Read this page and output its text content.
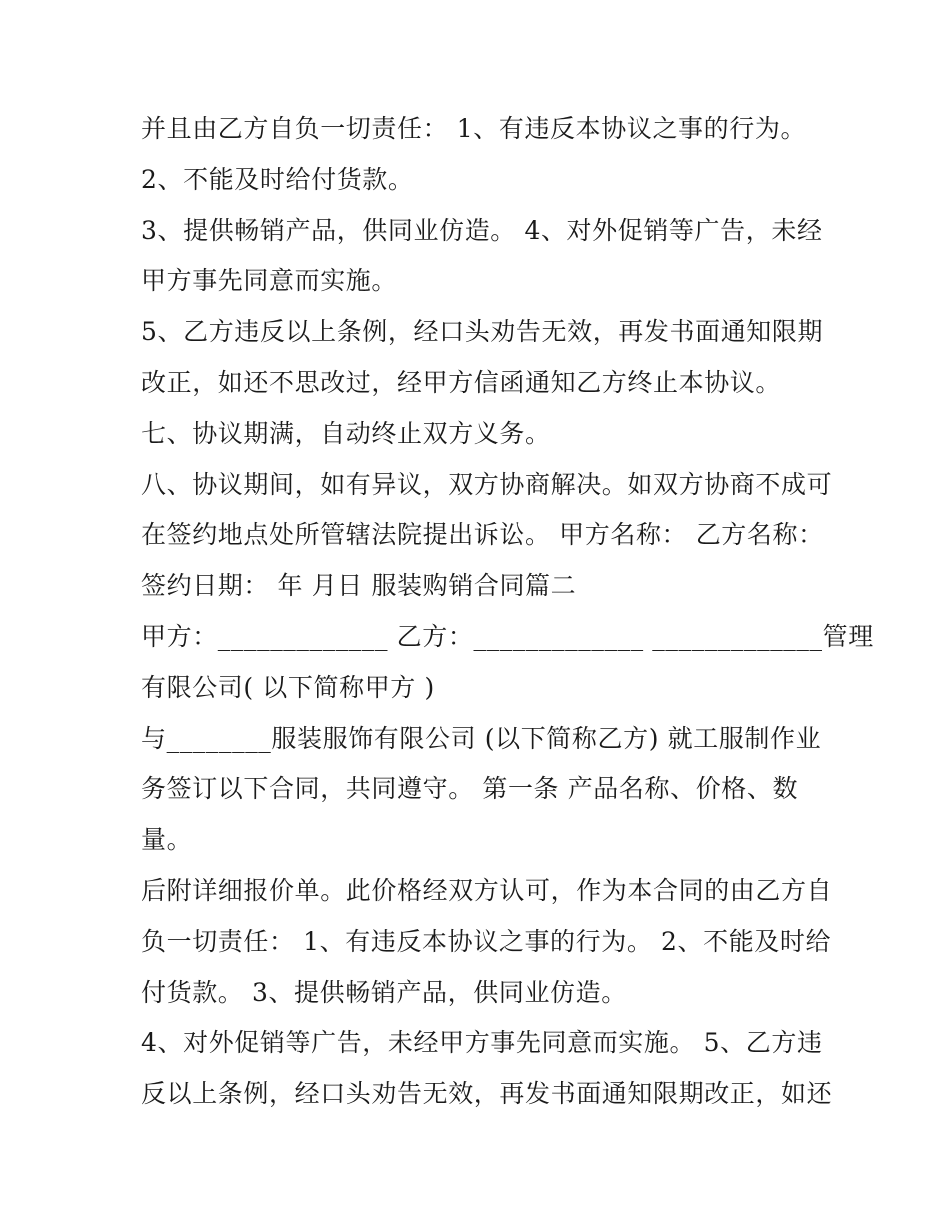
并且由乙方自负一切责任： 1、有违反本协议之事的行为。
2、不能及时给付货款。
3、提供畅销产品，供同业仿造。 4、对外促销等广告，未经
甲方事先同意而实施。
5、乙方违反以上条例，经口头劝告无效，再发书面通知限期
改正，如还不思改过，经甲方信函通知乙方终止本协议。
七、协议期满，自动终止双方义务。
八、协议期间，如有异议，双方协商解决。如双方协商不成可
在签约地点处所管辖法院提出诉讼。 甲方名称： 乙方名称：
签约日期： 年 月日 服装购销合同篇二
甲方：_____________ 乙方：_____________ _____________管理
有限公司( 以下简称甲方 )
与________服装服饰有限公司 (以下简称乙方) 就工服制作业
务签订以下合同，共同遵守。 第一条 产品名称、价格、数
量。
后附详细报价单。此价格经双方认可，作为本合同的由乙方自
负一切责任： 1、有违反本协议之事的行为。 2、不能及时给
付货款。 3、提供畅销产品，供同业仿造。
4、对外促销等广告，未经甲方事先同意而实施。 5、乙方违
反以上条例，经口头劝告无效，再发书面通知限期改正，如还
